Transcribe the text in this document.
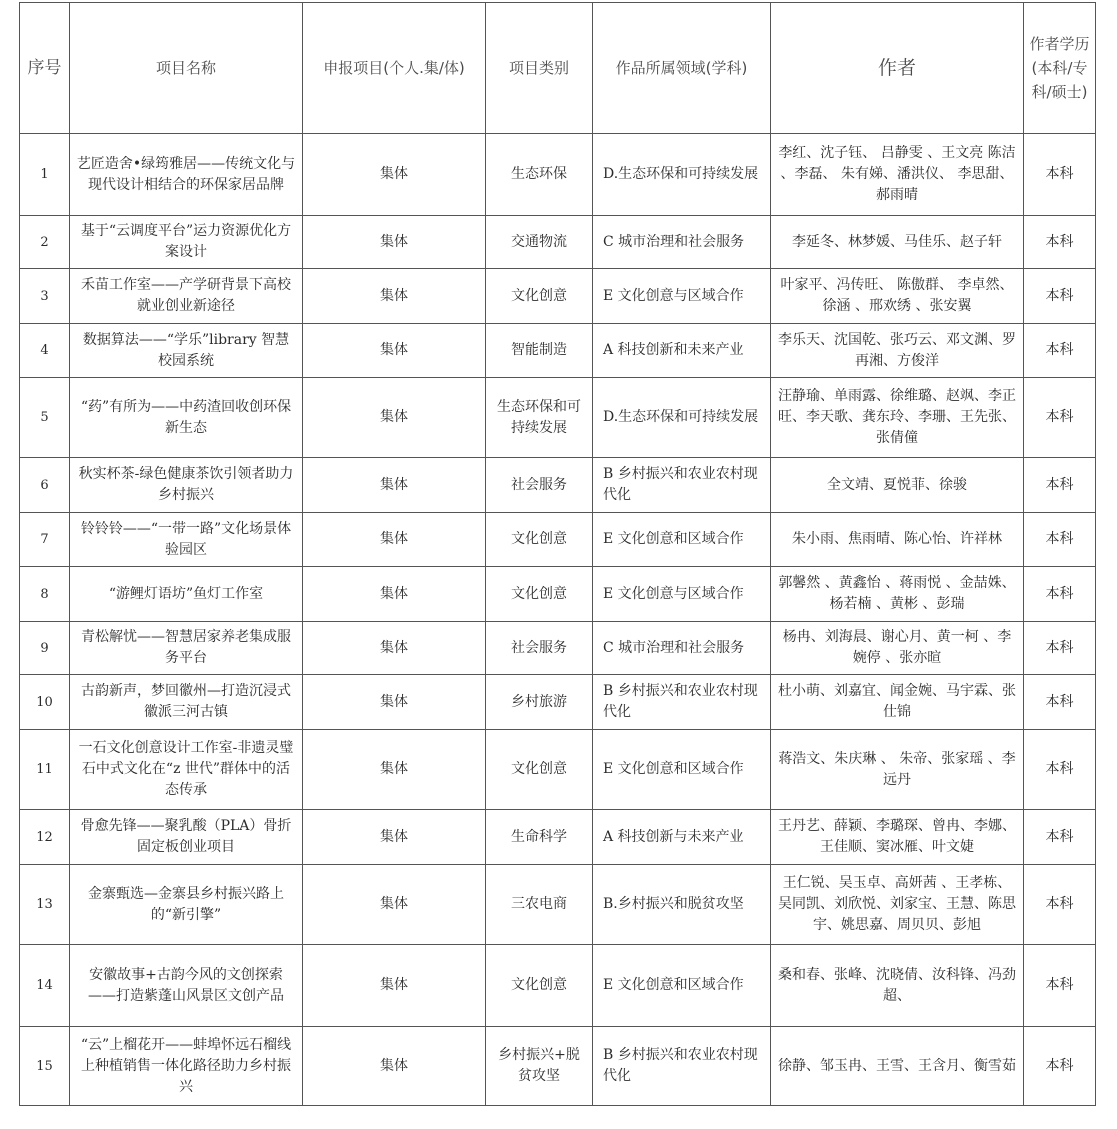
序号	项目名称	申报项目(个人.集/体)	项目类别	作品所属领域(学科)	作者	作者学历(本科/专科/硕士)
1	艺匠造舍•绿筠雅居——传统文化与现代设计相结合的环保家居品牌	集体	生态环保	D.生态环保和可持续发展	李红、沈子钰、 吕静雯 、王文亮 陈洁 、李磊、 朱有娣、潘洪仪、 李思甜、郝雨晴	本科
2	基于“云调度平台”运力资源优化方案设计	集体	交通物流	C 城市治理和社会服务	李延冬、林梦媛、马佳乐、赵子轩	本科
3	禾苗工作室——产学研背景下高校就业创业新途径	集体	文化创意	E 文化创意与区域合作	叶家平、冯传旺、 陈傲群、 李卓然、 徐涵 、邢欢绣 、张安翼	本科
4	数据算法——“学乐”library 智慧校园系统	集体	智能制造	A 科技创新和未来产业	李乐天、沈国乾、张巧云、邓文渊、罗再湘、方俊洋	本科
5	“药”有所为——中药渣回收创环保新生态	集体	生态环保和可持续发展	D.生态环保和可持续发展	汪静瑜、单雨露、徐维璐、赵飒、李正旺、李天歌、龚东玲、李珊、王先张、张倩僮	本科
6	秋实杯茶-绿色健康茶饮引领者助力乡村振兴	集体	社会服务	B 乡村振兴和农业农村现代化	全文靖、夏悦菲、徐骏	本科
7	铃铃铃——“一带一路”文化场景体验园区	集体	文化创意	E 文化创意和区域合作	朱小雨、焦雨晴、陈心怡、许祥林	本科
8	“游鲤灯语坊”鱼灯工作室	集体	文化创意	E 文化创意与区域合作	郭馨然 、黄鑫怡 、蒋雨悦 、金喆姝、杨若楠 、黄彬 、彭瑞	本科
9	青松解忧——智慧居家养老集成服务平台	集体	社会服务	C 城市治理和社会服务	杨冉、刘海晨、谢心月、黄一柯 、李婉停 、张亦暄	本科
10	古韵新声，梦回徽州—打造沉浸式徽派三河古镇	集体	乡村旅游	B 乡村振兴和农业农村现代化	杜小萌、刘嘉宜、闻金婉、马宇霖、张仕锦	本科
11	一石文化创意设计工作室-非遗灵璧石中式文化在“z 世代”群体中的活态传承	集体	文化创意	E 文化创意和区域合作	蒋浩文、朱庆琳 、 朱帝、张家瑶 、李远丹	本科
12	骨愈先锋——聚乳酸（PLA）骨折固定板创业项目	集体	生命科学	A 科技创新与未来产业	王丹艺、薛颖、李璐琛、曾冉、李娜、王佳顺、窦冰雁、叶文婕	本科
13	金寨甄选—金寨县乡村振兴路上的“新引擎”	集体	三农电商	B.乡村振兴和脱贫攻坚	王仁锐、吴玉卓、高妍茜 、王孝栋、吴同凯、刘欣悦、刘家宝、王慧、陈思宇、姚思嘉、周贝贝、彭旭	本科
14	安徽故事+古韵今风的文创探索——打造紫蓬山风景区文创产品	集体	文化创意	E 文化创意和区域合作	桑和春、张峰、沈晓倩、汝科锋、冯劲超、	本科
15	“云”上榴花开——蚌埠怀远石榴线上种植销售一体化路径助力乡村振兴	集体	乡村振兴+脱贫攻坚	B 乡村振兴和农业农村现代化	徐静、邹玉冉、王雪、王含月、衡雪茹	本科
